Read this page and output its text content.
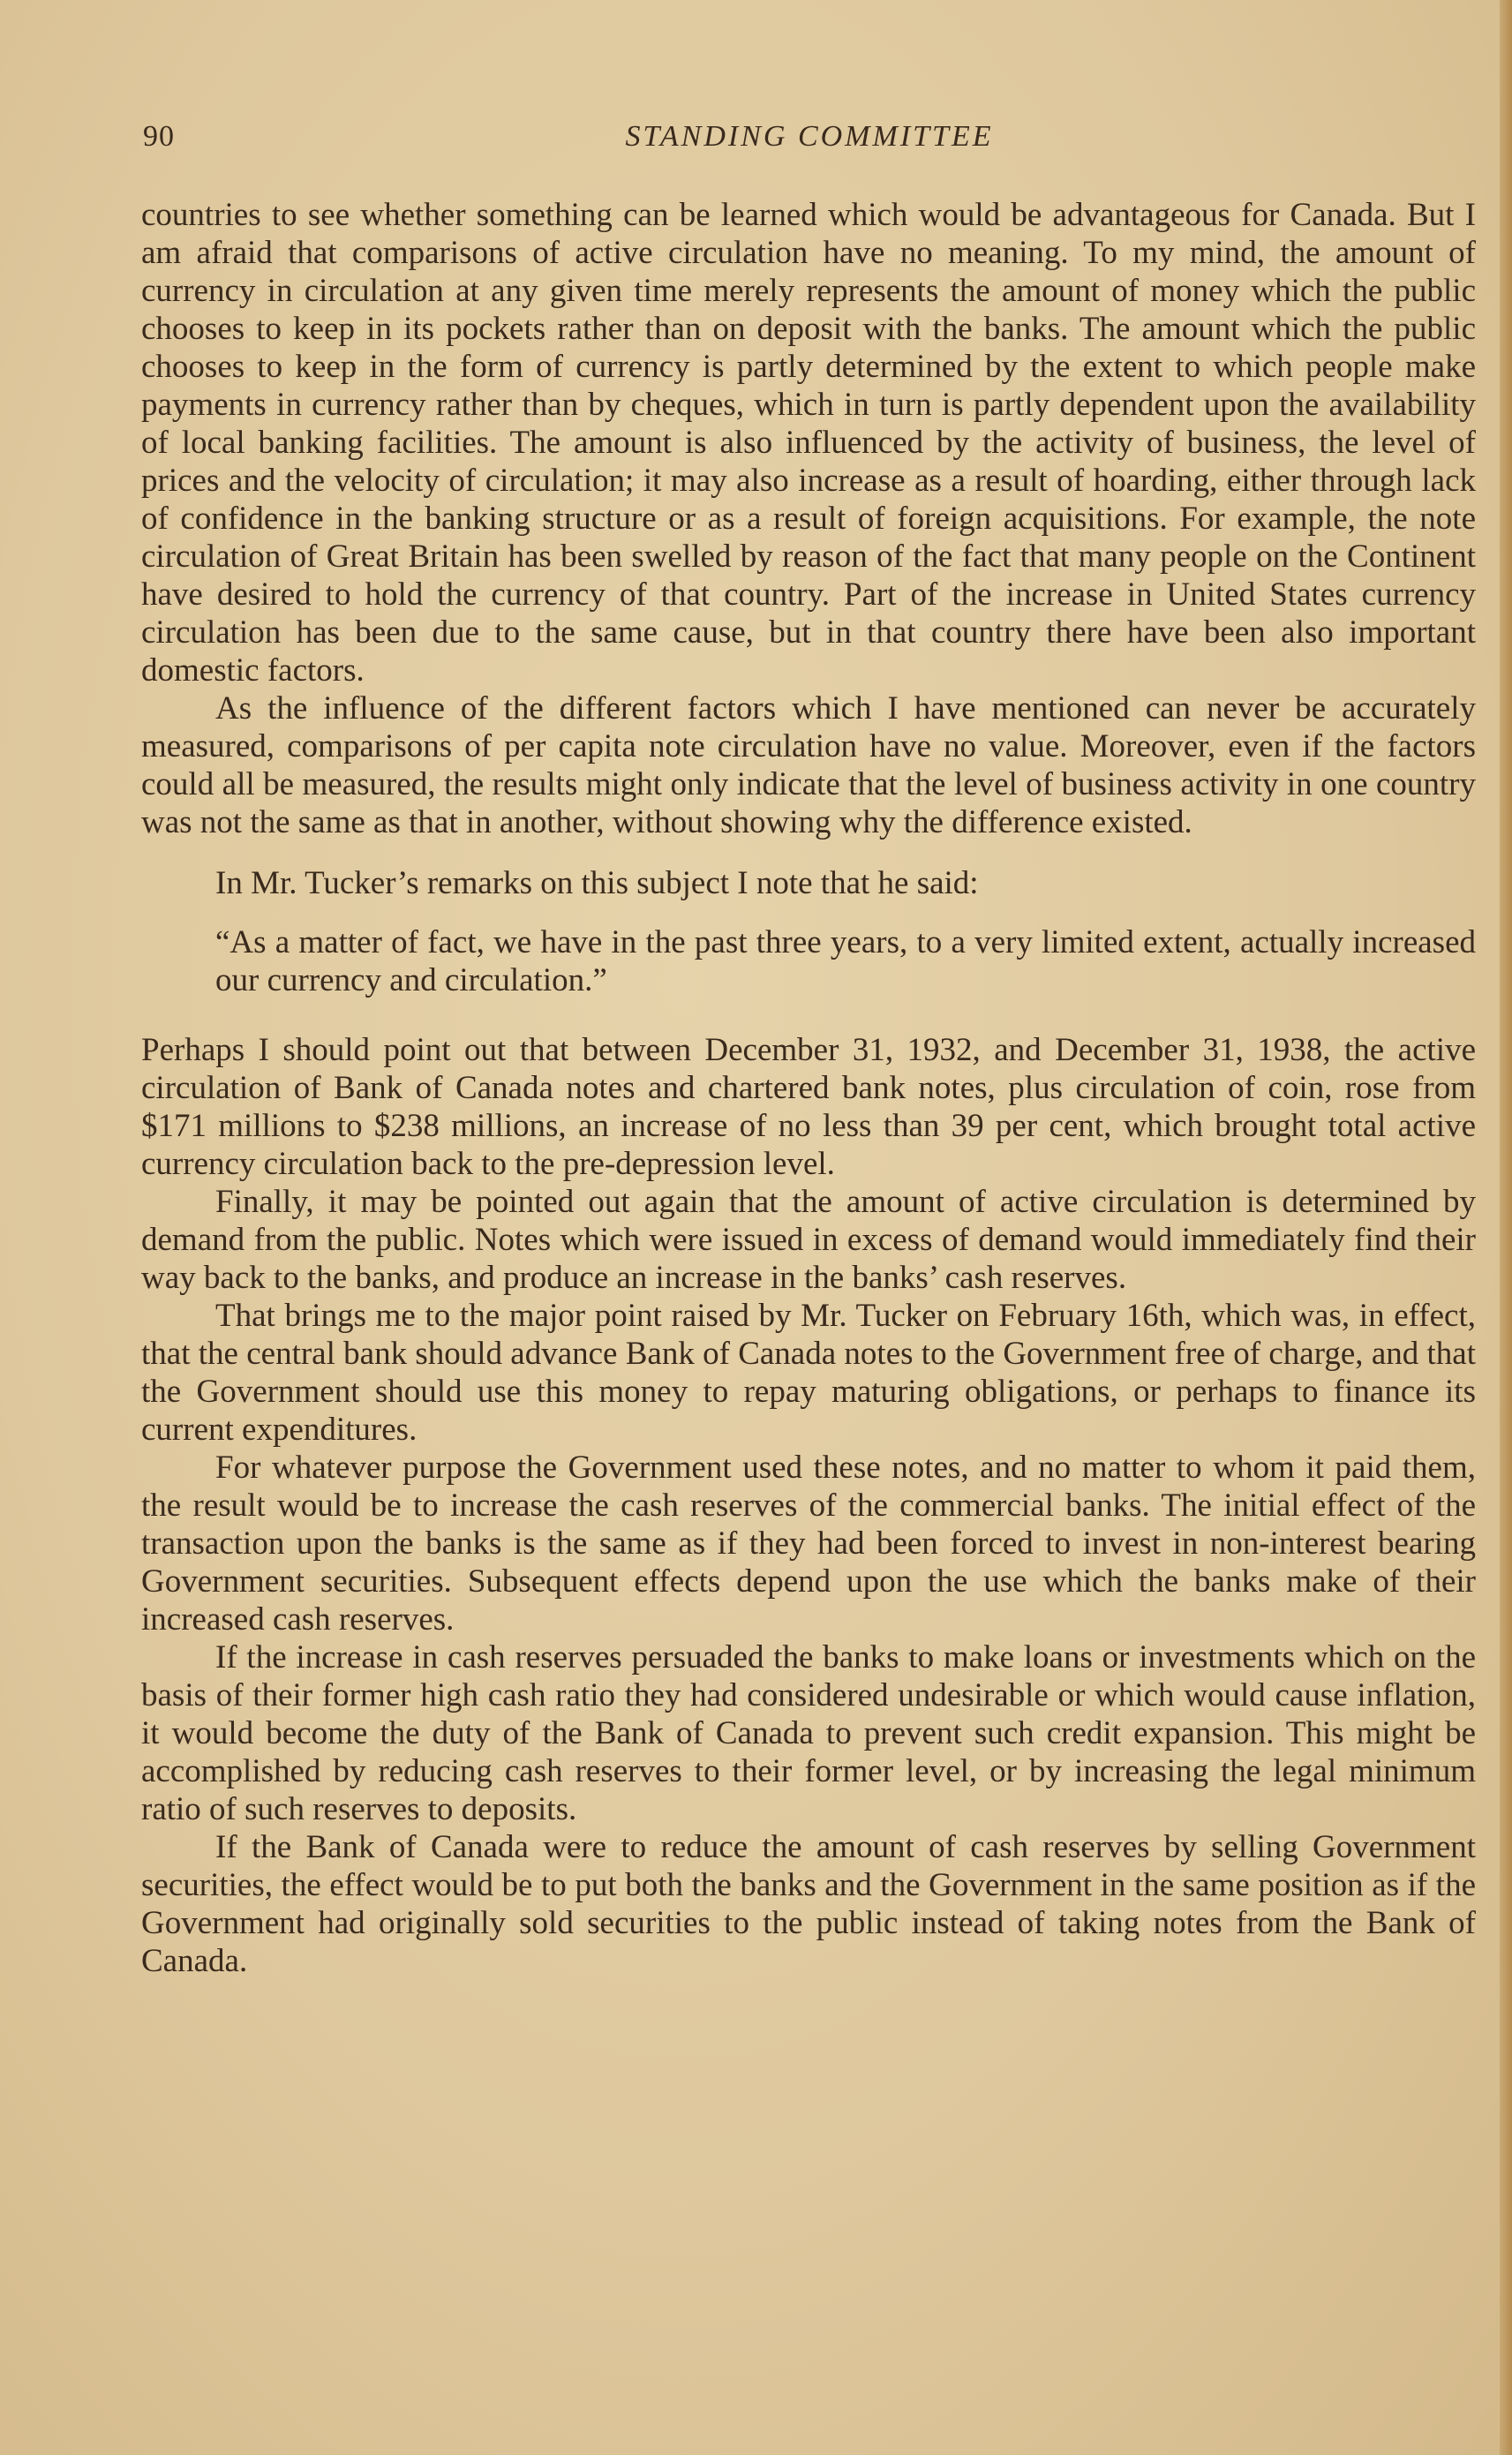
90	STANDING COMMITTEE

countries to see whether something can be learned which would be advantageous for Canada. But I am afraid that comparisons of active circulation have no meaning. To my mind, the amount of currency in circulation at any given time merely represents the amount of money which the public chooses to keep in its pockets rather than on deposit with the banks. The amount which the public chooses to keep in the form of currency is partly determined by the extent to which people make payments in currency rather than by cheques, which in turn is partly dependent upon the availability of local banking facilities. The amount is also influenced by the activity of business, the level of prices and the velocity of circulation; it may also increase as a result of hoarding, either through lack of confidence in the banking structure or as a result of foreign acquisitions. For example, the note circulation of Great Britain has been swelled by reason of the fact that many people on the Continent have desired to hold the currency of that country. Part of the increase in United States currency circulation has been due to the same cause, but in that country there have been also important domestic factors.

As the influence of the different factors which I have mentioned can never be accurately measured, comparisons of per capita note circulation have no value. Moreover, even if the factors could all be measured, the results might only indicate that the level of business activity in one country was not the same as that in another, without showing why the difference existed.

In Mr. Tucker’s remarks on this subject I note that he said:

“As a matter of fact, we have in the past three years, to a very limited extent, actually increased our currency and circulation.”

Perhaps I should point out that between December 31, 1932, and December 31, 1938, the active circulation of Bank of Canada notes and chartered bank notes, plus circulation of coin, rose from $171 millions to $238 millions, an increase of no less than 39 per cent, which brought total active currency circulation back to the pre-depression level.

Finally, it may be pointed out again that the amount of active circulation is determined by demand from the public. Notes which were issued in excess of demand would immediately find their way back to the banks, and produce an increase in the banks’ cash reserves.

That brings me to the major point raised by Mr. Tucker on February 16th, which was, in effect, that the central bank should advance Bank of Canada notes to the Government free of charge, and that the Government should use this money to repay maturing obligations, or perhaps to finance its current expenditures.

For whatever purpose the Government used these notes, and no matter to whom it paid them, the result would be to increase the cash reserves of the commercial banks. The initial effect of the transaction upon the banks is the same as if they had been forced to invest in non-interest bearing Government securities. Subsequent effects depend upon the use which the banks make of their increased cash reserves.

If the increase in cash reserves persuaded the banks to make loans or investments which on the basis of their former high cash ratio they had considered undesirable or which would cause inflation, it would become the duty of the Bank of Canada to prevent such credit expansion. This might be accomplished by reducing cash reserves to their former level, or by increasing the legal minimum ratio of such reserves to deposits.

If the Bank of Canada were to reduce the amount of cash reserves by selling Government securities, the effect would be to put both the banks and the Government in the same position as if the Government had originally sold securities to the public instead of taking notes from the Bank of Canada.
